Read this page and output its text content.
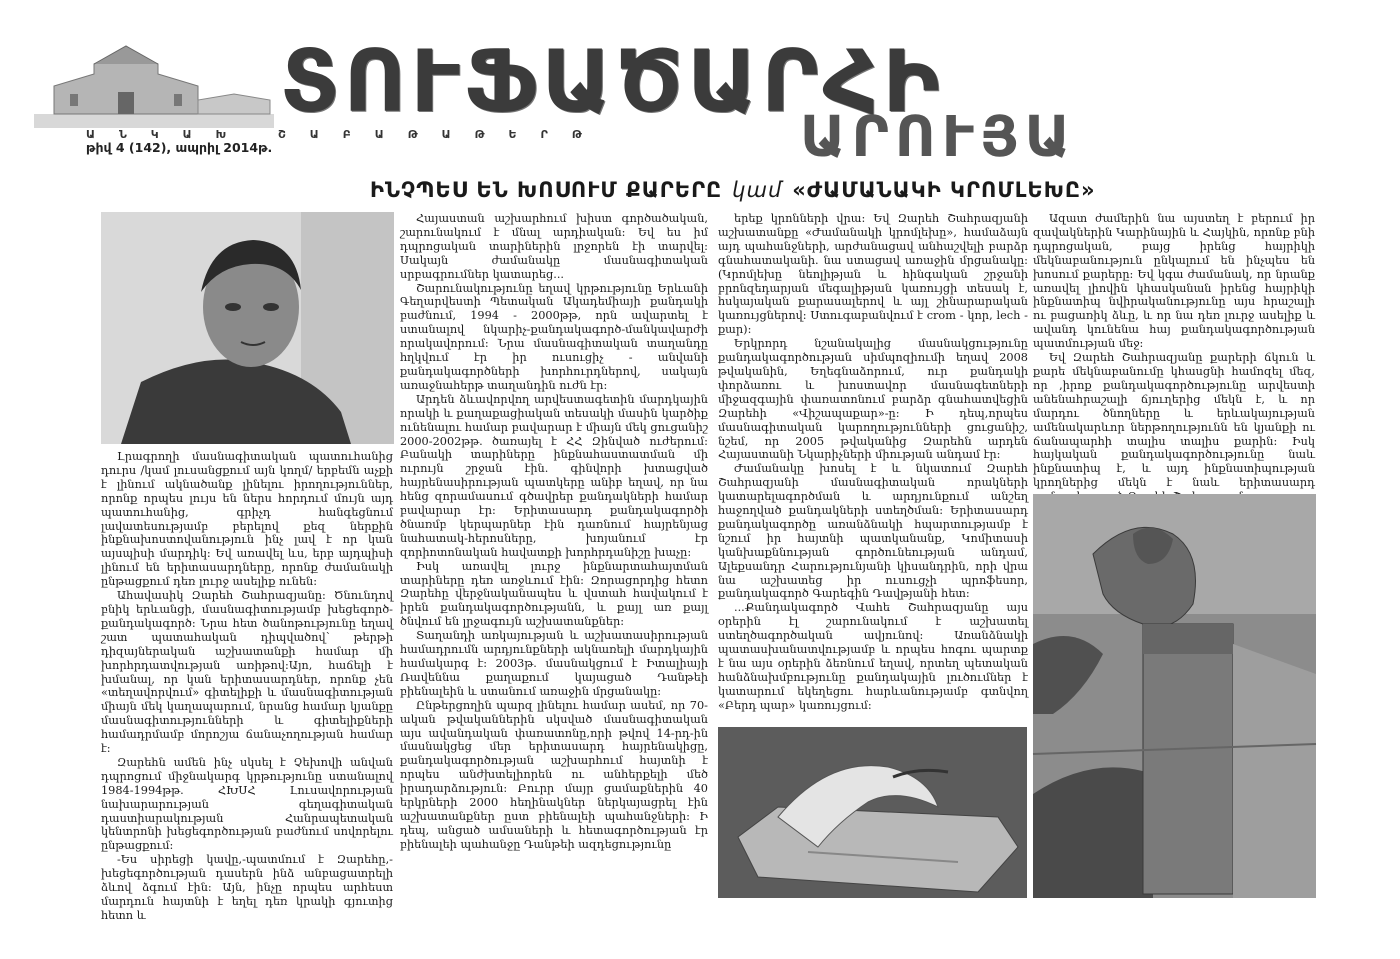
ՏՈՒՖԱԾԱՐՀԻ
ԱՆԿԱԽ ՇԱԲԱԹԱԹԵՐԹ	ԱՐՈՒՅԱ
թիվ 4 (142), ապրիլ 2014թ.
ԻՆՉՊԵՍ ԵՆ ԽՈՍՈՒՄ ՔԱՐԵՐԸ կամ «ԺԱՄԱՆԱԿԻ ԿՐՈՄԼԵԽԸ»

Լրագրողի մասնագիտական պատուհանից դուրս /կամ լուսանցքում այն կողմ/ երբեմն աչքի է լինում ակնածանք լինելու իրողություններ, որոնք որպես լույս են ներս հորդում մույն այդ պատուհանից, գրիչդ հանգեցնում լավատեսությամբ բերելով քեզ ներքին ինքնախոստովանություն ինչ լավ է որ կան այսպիսի մարդիկ: Եվ առավել ևս, երբ այդպիսի լինում են երիտասարդները, որոնք ժամանակի ընթացքում դեռ լուրջ ասելիք ունեն:

Ահավասիկ Զարեհ Շահրազյանը: Ծնունդով բնիկ երևանցի, մասնագիտությամբ խեցեգործ-քանդակագործ: Նրա հետ ծանոթությունը եղավ շատ պատահական դիպվածով՝ թերթի դիզայներական աշխատանքի համար մի խորհրդատվության առիթով:Այո, հաճելի է խմանալ, որ կան երիտասարդներ, որոնք չեն «տեղավորվում» գիտելիքի և մասնագիտության միայն մեկ կաղապարում, նրանց համար կյանքը մասնագիտությունների և գիտելիքների համադրմամբ մորոշյա ճանաչողության համար է:

Զարեհն ամեն ինչ սկսել է Չեխովի անվան դպրոցում միջնակարգ կրթությունը ստանալով 1984-1994թթ. ՀԽՍՀ Լուսավորության նախարարության գեղագիտական դաստիարակության Հանրապետական կենտրոնի խեցեգործության բաժնում սովորելու ընթացքում:

-Ես սիրեցի կավը,-պատմում է Զարեհը,- խեցեգործության դասերն ինձ անբացատրելի ձևով ձգում էին: Այն, ինչը որպես արհեստ մարդուն հայտնի է եղել դեռ կրակի գյուտից հետո և

Հայաստան աշխարհում խիստ գործածական, շարունակում է մնալ արդիական: Եվ ես իմ դպրոցական տարիներին լրջորեն էի տարվել: Սակայն ժամանակը մասնագիտական սրբագրումներ կատարեց...

Շարունակությունը եղավ կրթությունը Երևանի Գեղարվեստի Պետական Ակադեմիայի քանդակի բաժնում, 1994 - 2000թթ, որն ավարտել է ստանալով նկարիչ-քանդակագործ-մանկավարժի որակավորում: Նրա մասնագիտական տաղանդը հղկվում էր իր ուսուցիչ - անվանի քանդակագործների խորհուրդներով, սակայն առաջնահերթ տաղանդին ուժն էր:

Արդեն ձևավորվող արվեստագետին մարդկային որակի և քաղաքացիական տեսակի մասին կարծիք ունենալու համար բավարար է միայն մեկ ցուցանիշ 2000-2002թթ. ծառայել է ՀՀ Զինված ուժերում: Բանակի տարիները ինքնահաստատման մի ուրույն շրջան էին. գինվորի խտացված հայրենասիրության պատկերը անիբ եղավ, որ նա հենց զորամասում գծավրեր քանդակների համար բավարար էր: Երիտասարդ քանդակագործի ծնառմբ կերպարներ էին դառնում հայրենյաց նահատակ-հերոսները, խոյանում էր զորիոտոնական հավատքի խորհրդանիշը խաչը:

Իսկ առավել լուրջ ինքնարտահայտման տարիները դեռ առջևում էին: Զորացորդից հետո Զարեհը վերջնականապես և վստահ հավակում է իրեն քանդակագործությանն, և քայլ առ քայլ ծնվում են լրջագույն աշխատանքներ:

Տաղանդի առկայության և աշխատասիրության համադրումն արդյունքների ակնառելի մարդկային համակարգ է: 2003թ. մասնակցում է Իտալիայի Ռավեննա քաղաքում կայացած Դանթեի բիենալեին և ստանում առաջին մրցանակը:

Ընթերցողին պարզ լինելու համար ասեմ, որ 70-ական թվականներին սկսված մասնագիտական այս ավանդական փառատոնը,որի թվով 14-րդ-ին մասնակցեց մեր երիտասարդ հայրենակիցը, քանդակագործության աշխարհում հայտնի է որպես անժխտելիորեն ու անհերքելի մեծ իրադարձություն: Բուրր մայր ցամաքներին 40 երկրների 2000 հեղինակներ ներկայացրել էին աշխատանքներ ըստ բիենալեի պահանջների: Ի դեպ, անցած ամսաների և հետագործության էր բիենալեի պահանջը Դանթեի ազդեցությունը

երեք կրոնների վրա: Եվ Զարեհ Շահրազյանի աշխատանքը «Ժամանակի կրոմլեխը», համաձայն այդ պահանջների, արժանացավ անհաշվելի բարձր գնահատականի. նա ստացավ առաջին մրցանակը: (Կրոմլեխը նեոլիթյան և հինգական շրջանի բրոնզեդարյան մեգալիթյան կառույցի տեսակ է, հսկայական քարասալերով և այլ շինարարական կառույցներով: Ստուգաբանվում է crom - կոր, lech - քար):

Երկրորդ նշանակալից մասնակցությունը քանդակագործության սիմպոզիումի եղավ 2008 թվականին, Եղեգնաձորում, ուր քանդակի փորձառու և խոստավոր մասնագետների միջազգային փառատոնում բարձր գնահատվեցին Զարեհի «Վիշապաքար»-ը: Ի դեպ,որպես մասնագիտական կարողությունների ցուցանիշ, նշեմ, որ 2005 թվականից Զարեհն արդեն Հայաստանի Նկարիչների միության անդամ էր:

Ժամանակը խոսել է և նկատում Զարեհ Շահրազյանի մասնագիտական որակների կատարելագործման և արդյունքում անշեղ հաջողված քանդակների ստեղծման: Երիտասարդ քանդակագործը առանձնակի հպարտությամբ է նշում իր հայտնի պատկանանք, Կոմիտասի կանխաքննության գործունեության անդամ, Ալեքսանդր Հարությունյանի կիսանդրին, որի վրա նա աշխատեց իր ուսուցչի պրոֆեսոր, քանդակագործ Գարեգին Դավթյանի հետ:

...Քանդակագործ Վահե Շահրազյանը այս օրերին էլ շարունակում է աշխատել ստեղծագործական ավյունով: Առանձնակի պատասխանատվությամբ և որպես հոգու պարտք է նա այս օրերին ձեռնում եղավ, որտեղ պետական հանձնախմբությունը քանդակային լուծումներ է կատարում եկեղեցու հարևանությամբ գտնվող «Բերդ պար» կառույցում:

Ազատ ժամերին նա այստեղ է բերում իր զավակներին Կարինային և Հայկին, որոնք բնի դպրոցական, բայց իրենց հայրիկի մեկնաբանություն ընկալում են ինչպես են խոսում քարերը: Եվ կգա ժամանակ, որ նրանք առավել լիովին կհասկանան իրենց հայրիկի ինքնատիպ նվիրականությունը այս հրաշալի ու բացառիկ ձևը, և որ նա դեռ լուրջ ասելիք և ավանդ կունենա հայ քանդակագործության պատմության մեջ:

Եվ Զարեհ Շահրազյանը քարերի ճկուն և քարե մեկնաբանումը կհասցնի համոզել մեզ, որ ,իրոք քանդակագործությունը արվեստի անենահրաշալի ճյուղերից մեկն է, և որ մարդու ծնողները և երևակայության ամենակարևոր ներթողությունն են կյանքի ու ճանապարհի տալիս տալիս քարին: Իսկ հայկական քանդակագործությունը նաև ինքնատիպ է, և այդ ինքնատիպության կրողներից մեկն է նաև երիտասարդ
